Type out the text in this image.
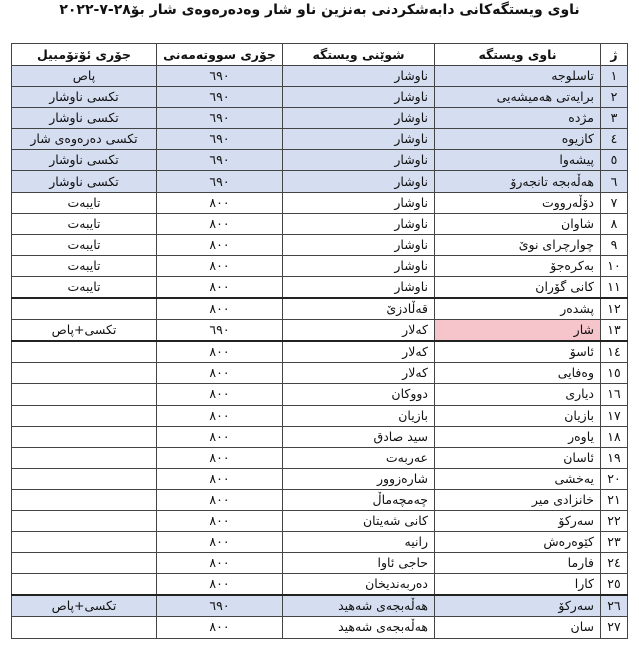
ناوی ویستگەکانی دابەشکردنی بەنزین ناو شار وەدەرەوەی شار بۆ٢٨-٧-٢٠٢٢
ژ	ناوی ویستگە	شوێنی ویستگە	جۆری سووتەمەنی	جۆری ئۆتۆمبیل
١	تاسلوجە	ناوشار	٦٩٠	پاص
٢	برایەتی هەمیشەیی	ناوشار	٦٩٠	تکسی ناوشار
٣	مژدە	ناوشار	٦٩٠	تکسی ناوشار
٤	کازیوە	ناوشار	٦٩٠	تکسی دەرەوەی شار
٥	پیشەوا	ناوشار	٦٩٠	تکسی ناوشار
٦	هەڵەبجە تانجەرۆ	ناوشار	٦٩٠	تکسی ناوشار
٧	دۆڵەرووت	ناوشار	٨٠٠	تایبەت
٨	شاوان	ناوشار	٨٠٠	تایبەت
٩	چوارچرای نوێ	ناوشار	٨٠٠	تایبەت
١٠	بەکرەجۆ	ناوشار	٨٠٠	تایبەت
١١	کانی گۆران	ناوشار	٨٠٠	تایبەت
١٢	پشدەر	قەڵادزێ	٨٠٠	
١٣	شار	کەلار	٦٩٠	تکسی+پاص
١٤	ئاسۆ	کەلار	٨٠٠	
١٥	وەفایی	کەلار	٨٠٠	
١٦	دیاری	دووکان	٨٠٠	
١٧	بازیان	بازیان	٨٠٠	
١٨	یاوەر	سید صادق	٨٠٠	
١٩	ئاسان	عەربەت	٨٠٠	
٢٠	یەخشی	شارەزوور	٨٠٠	
٢١	خانزادی میر	چەمچەماڵ	٨٠٠	
٢٢	سەرکۆ	کانی شەیتان	٨٠٠	
٢٣	کێوەرەش	رانیە	٨٠٠	
٢٤	فارما	حاجی ئاوا	٨٠٠	
٢٥	کارا	دەربەندیخان	٨٠٠	
٢٦	سەرکۆ	هەڵەبجەی شەهید	٦٩٠	تکسی+پاص
٢٧	سان	هەڵەبجەی شەهید	٨٠٠	
